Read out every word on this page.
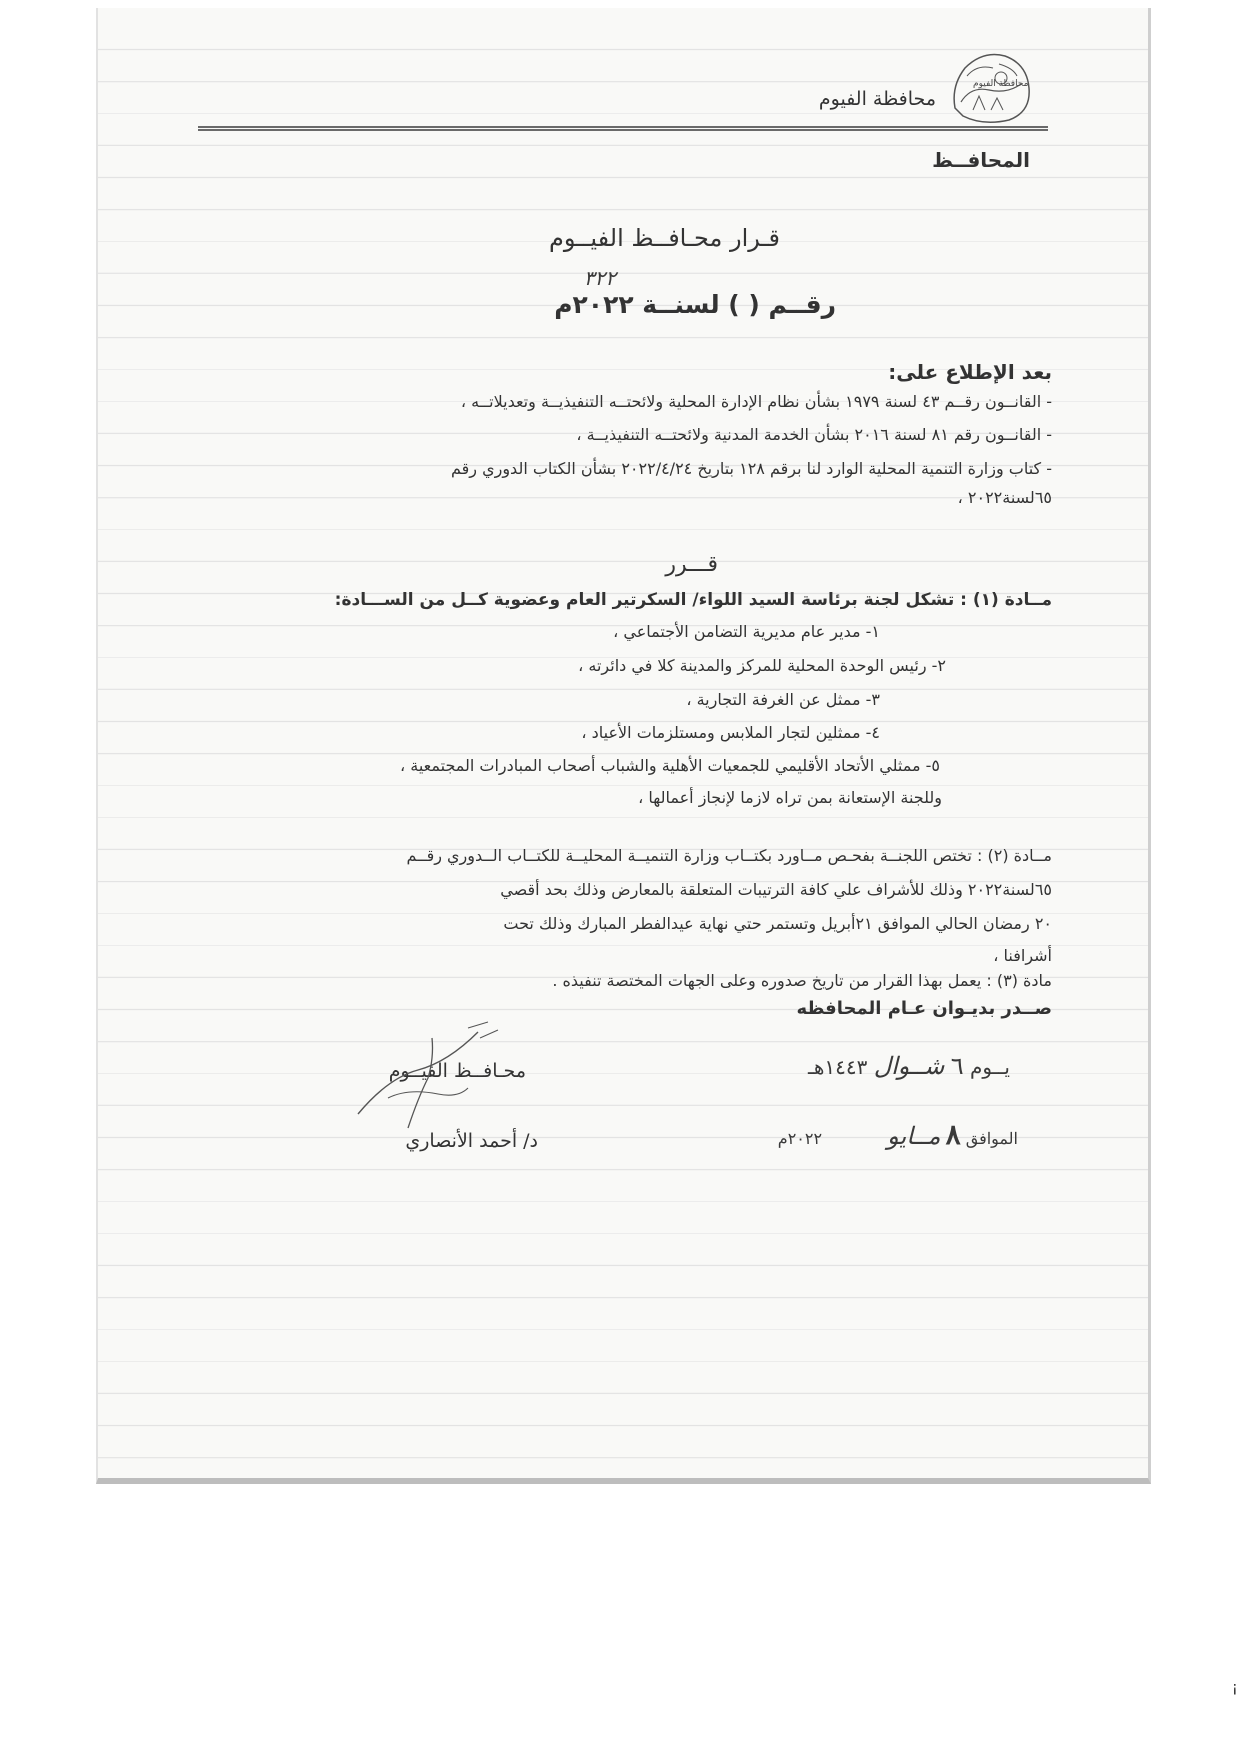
محافظة الفيوم
محافظة الفيوم
المحافــظ
قـرار محـافــظ الفيــوم
٣٢٢
رقــم ( ) لسنــة ٢٠٢٢م
بعد الإطلاع على:
- القانــون رقــم ٤٣ لسنة ١٩٧٩ بشأن نظام الإدارة المحلية ولائحتــه التنفيذيــة وتعديلاتــه ،
- القانــون رقم ٨١ لسنة ٢٠١٦ بشأن الخدمة المدنية ولائحتــه التنفيذيــة ،
- كتاب وزارة التنمية المحلية الوارد لنا برقم ١٢٨ بتاريخ ٢٠٢٢/٤/٢٤ بشأن الكتاب الدوري رقم
٦٥لسنة٢٠٢٢ ،
قـــرر
مــادة (١) : تشكل لجنة برئاسة السيد اللواء/ السكرتير العام وعضوية كــل من الســـادة:
١- مدير عام مديرية التضامن الأجتماعي ،
٢- رئيس الوحدة المحلية للمركز والمدينة كلا في دائرته ،
٣- ممثل عن الغرفة التجارية ،
٤- ممثلين لتجار الملابس ومستلزمات الأعياد ،
٥- ممثلي الأتحاد الأقليمي للجمعيات الأهلية والشباب أصحاب المبادرات المجتمعية ،
وللجنة الإستعانة بمن تراه لازما لإنجاز أعمالها ،
مــادة (٢) : تختص اللجنــة بفحـص مــاورد بكتــاب وزارة التنميــة المحليــة للكتــاب الــدوري رقــم
٦٥لسنة٢٠٢٢ وذلك للأشراف علي كافة الترتيبات المتعلقة بالمعارض وذلك بحد أقصي
٢٠ رمضان الحالي الموافق ٢١أبريل وتستمر حتي نهاية عيدالفطر المبارك وذلك تحت
أشرافنا ،
مادة (٣) : يعمل بهذا القرار من تاريخ صدوره وعلى الجهات المختصة تنفيذه .
صــدر بديـوان عـام المحافظه
يــوم ٦ شــوال ١٤٤٣هـ
الموافق ٨ مــايو ٢٠٢٢م
محـافــظ الفيــوم
د/ أحمد الأنصاري
¡
